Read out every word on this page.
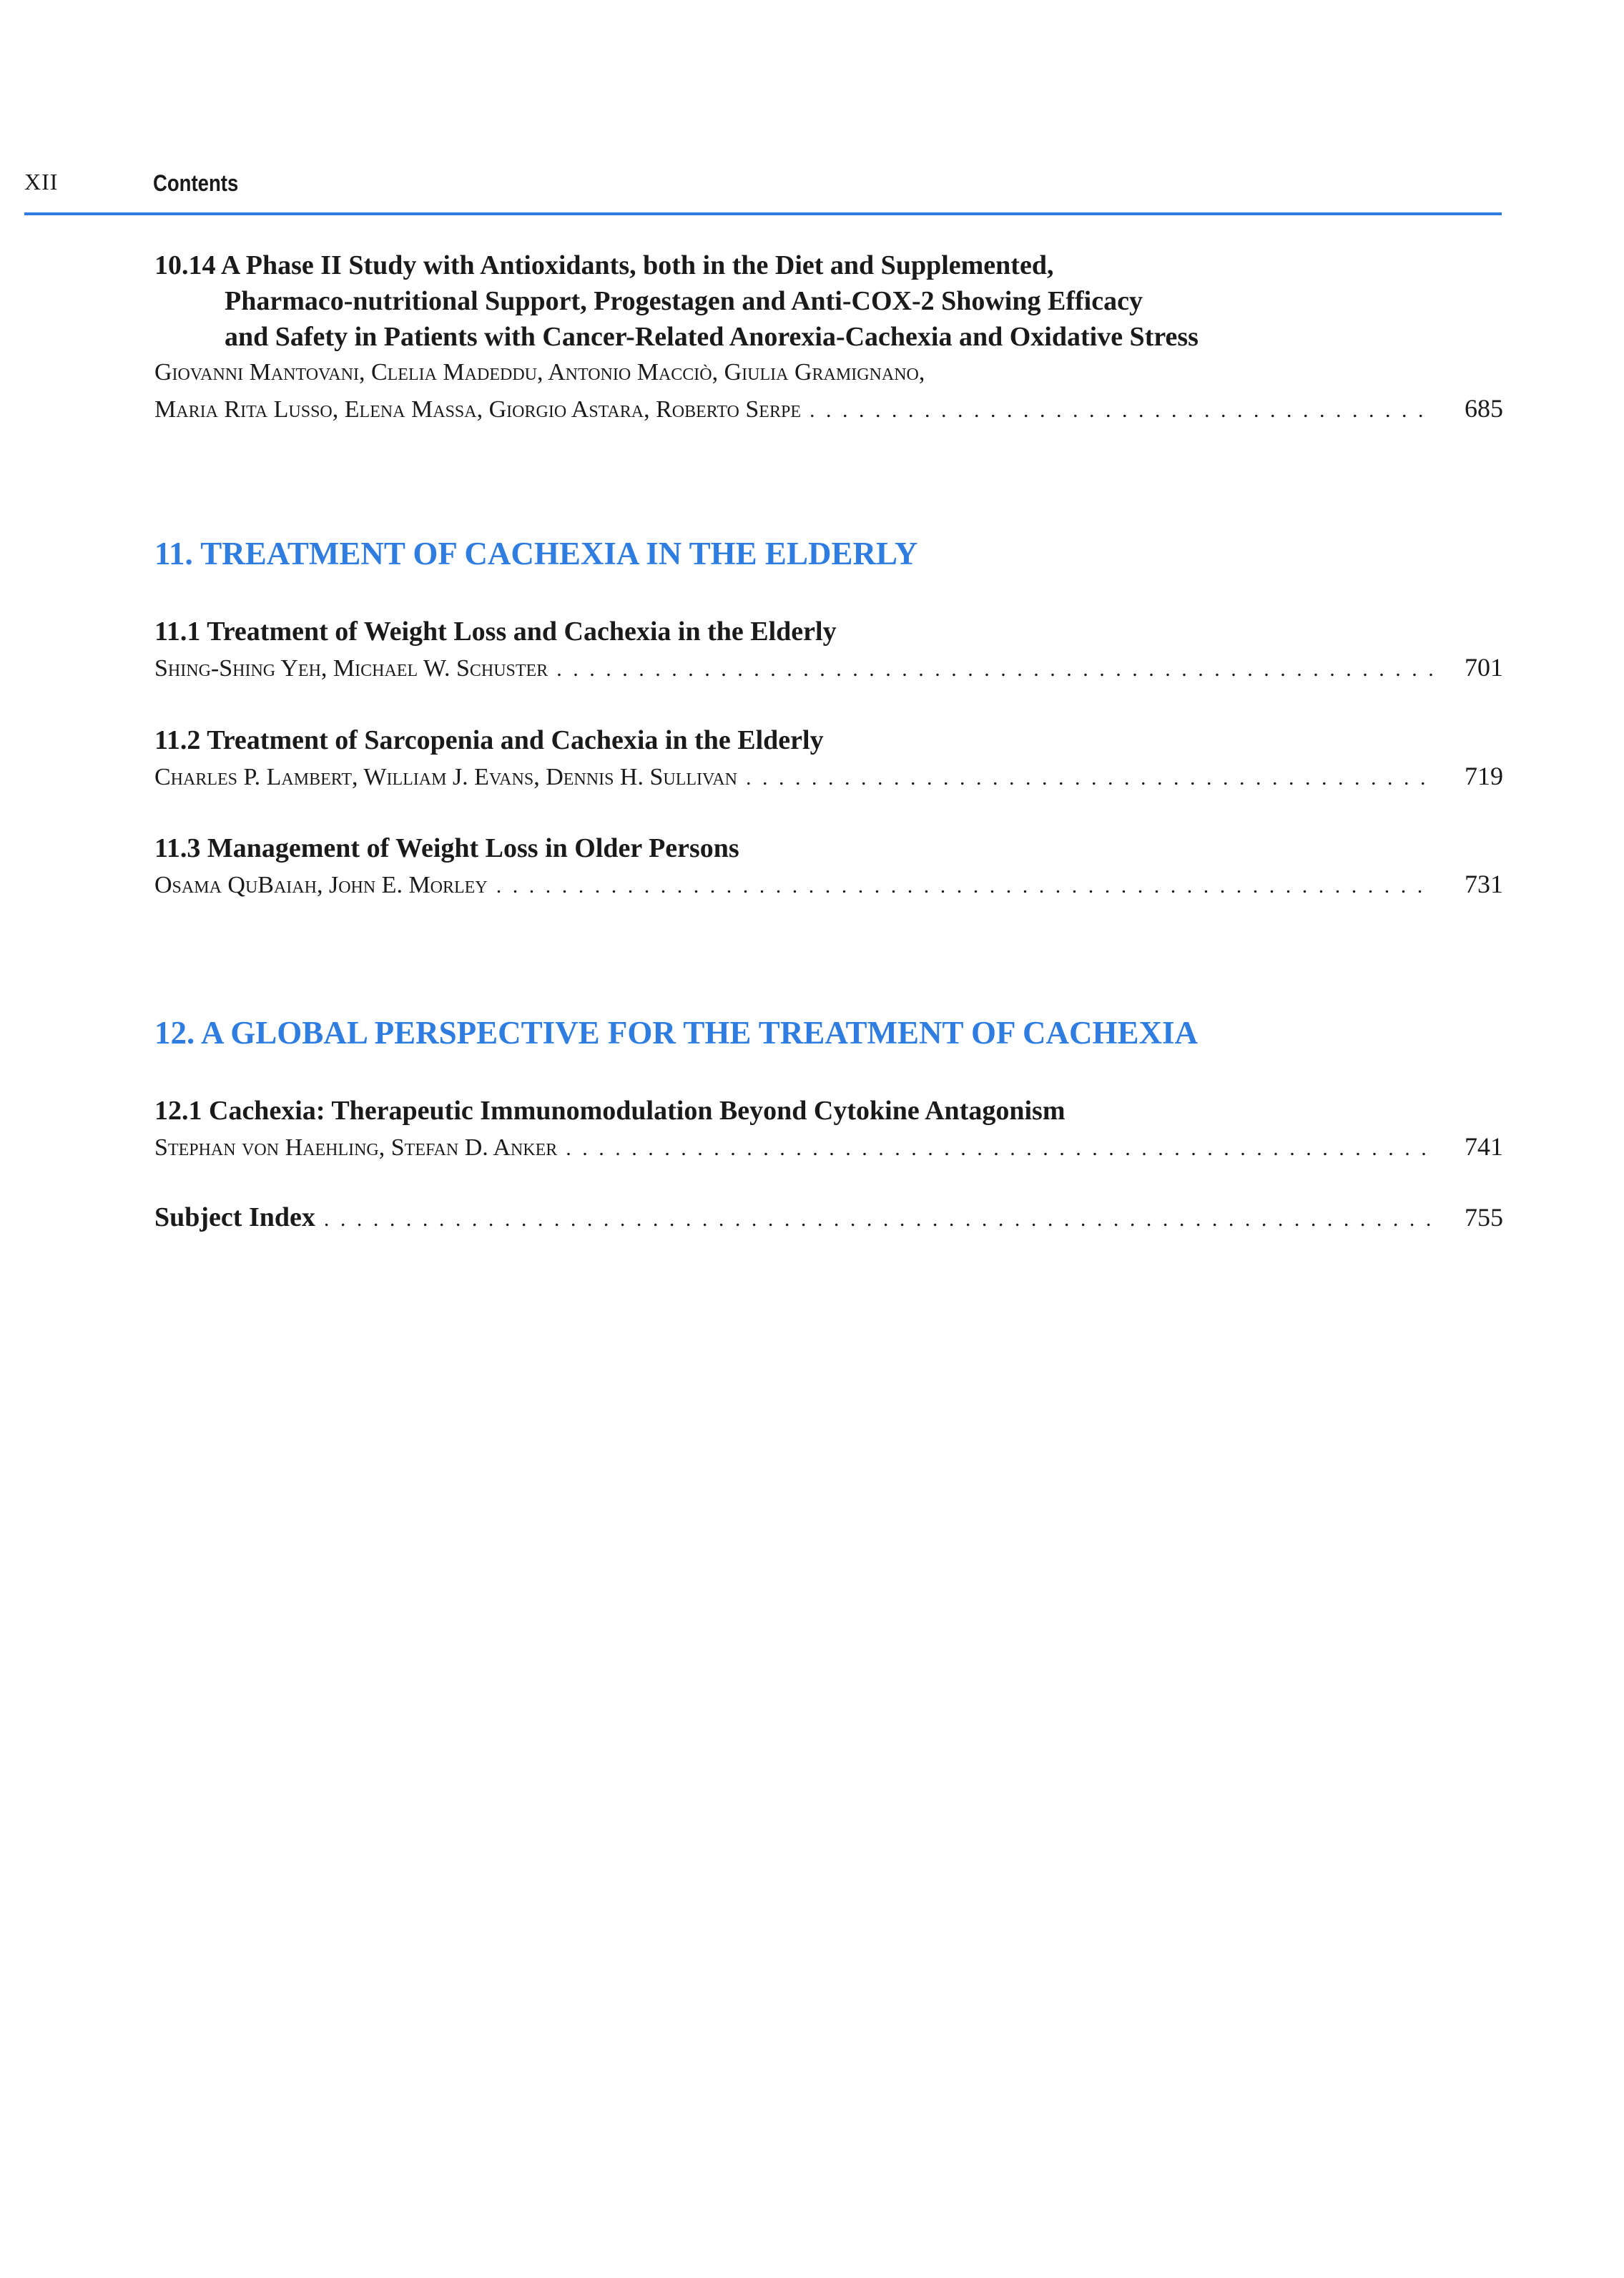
XII	Contents

10.14 A Phase II Study with Antioxidants, both in the Diet and Supplemented,

Pharmaco-nutritional Support, Progestagen and Anti-COX-2 Showing Efficacy

and Safety in Patients with Cancer-Related Anorexia-Cachexia and Oxidative Stress

Giovanni Mantovani, Clelia Madeddu, Antonio Macciò, Giulia Gramignano,

Maria Rita Lusso, Elena Massa, Giorgio Astara, Roberto Serpe . . .	685

11. TREATMENT OF CACHEXIA IN THE ELDERLY

11.1 Treatment of Weight Loss and Cachexia in the Elderly

Shing-Shing Yeh, Michael W. Schuster . . .	701

11.2 Treatment of Sarcopenia and Cachexia in the Elderly

Charles P. Lambert, William J. Evans, Dennis H. Sullivan . . .	719

11.3 Management of Weight Loss in Older Persons

Osama QuBaiah, John E. Morley . . .	731

12. A GLOBAL PERSPECTIVE FOR THE TREATMENT OF CACHEXIA

12.1 Cachexia: Therapeutic Immunomodulation Beyond Cytokine Antagonism

Stephan von Haehling, Stefan D. Anker . . .	741
Subject Index . . .	755
